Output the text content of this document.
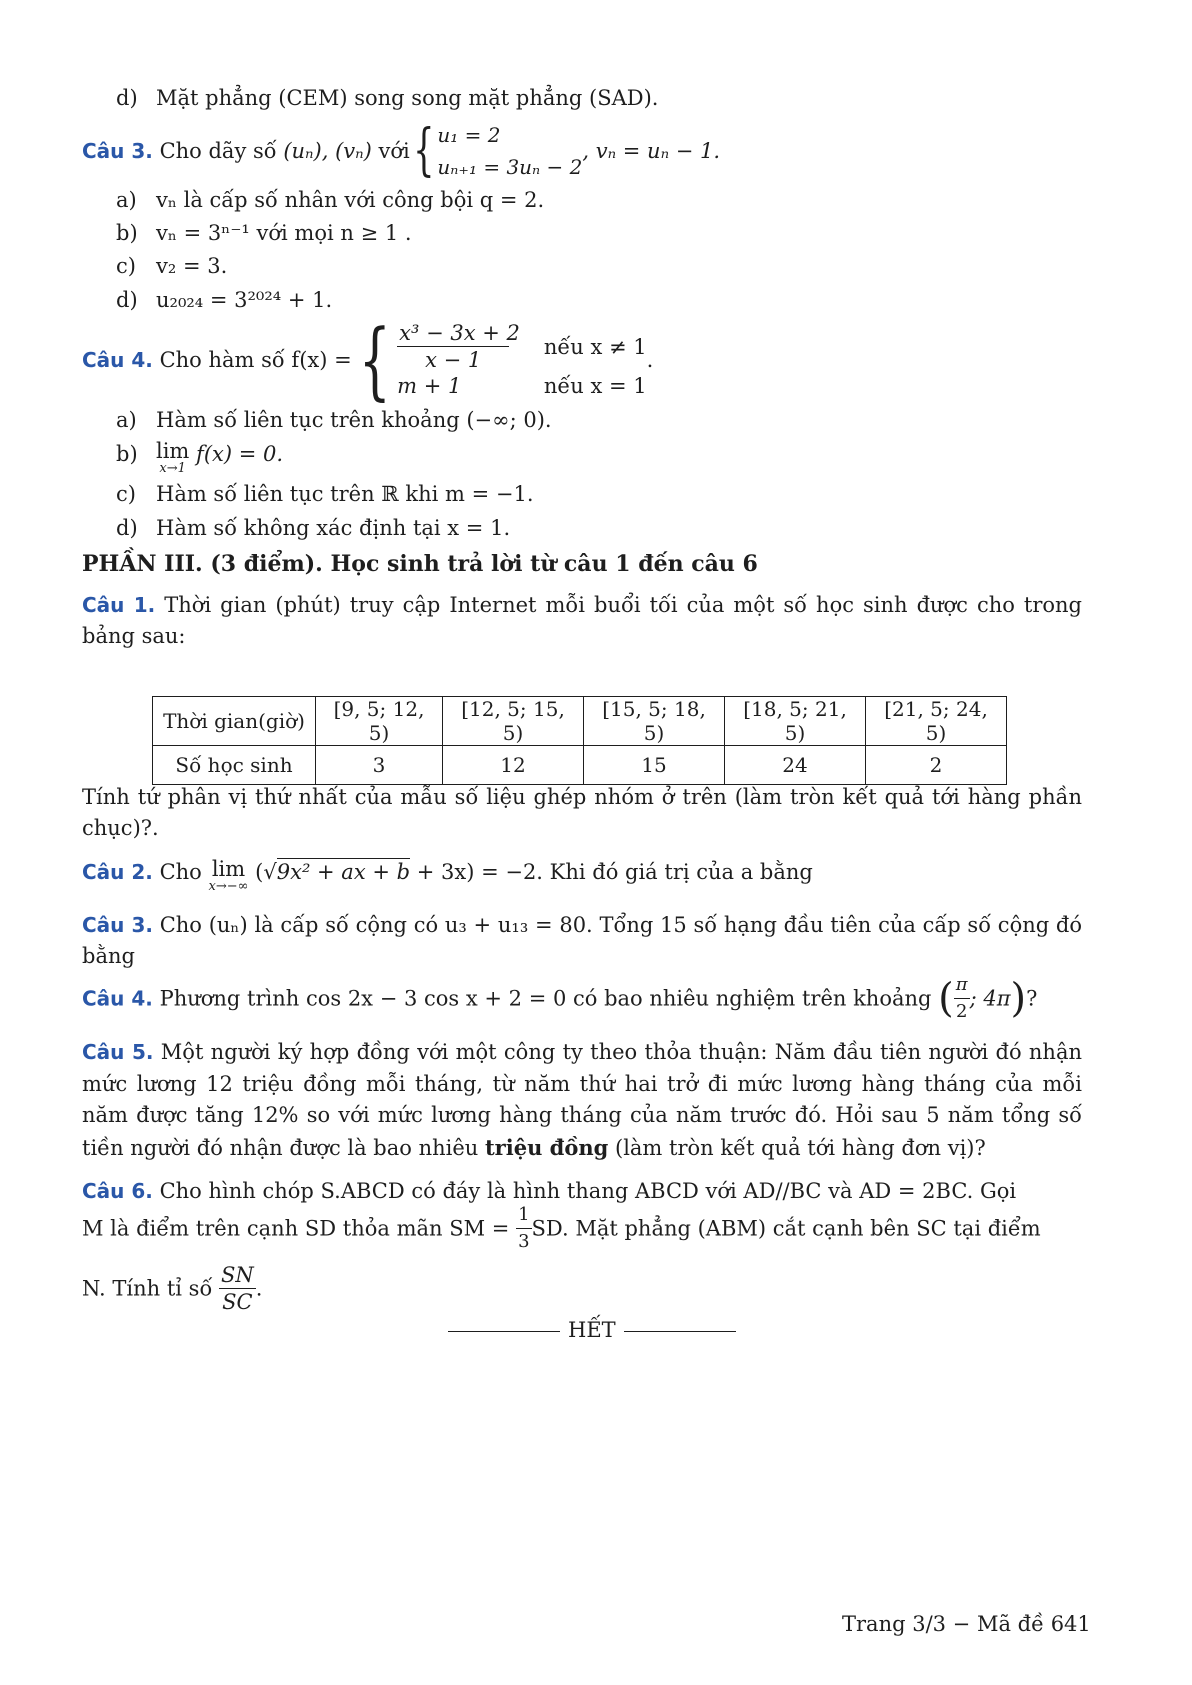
d) Mặt phẳng (CEM) song song mặt phẳng (SAD).
Câu 3. Cho dãy số (uₙ), (vₙ) với{ u₁ = 2
uₙ₊₁ = 3uₙ − 2
, vₙ = uₙ − 1.
a) vₙ là cấp số nhân với công bội q = 2.
b) vₙ = 3ⁿ⁻¹ với mọi n ≥ 1 .
c) v₂ = 3.
d) u₂₀₂₄ = 3²⁰²⁴ + 1.
Câu 4. Cho hàm số f(x) ={ $\frac{\text{x³ − 3x + 2}}{x - 1}$ nếu x ≠ 1
m + 1	nếu x = 1
.
a) Hàm số liên tục trên khoảng (−∞; 0).
b) lim
x→1
f(x) = 0.
c) Hàm số liên tục trên ℝ khi m = −1.
d) Hàm số không xác định tại x = 1.
PHẦN III. (3 điểm). Học sinh trả lời từ câu 1 đến câu 6
Câu 1. Thời gian (phút) truy cập Internet mỗi buổi tối của một số học sinh được cho trong bảng sau:
Thời gian(giờ)	[9, 5; 12, 5)	[12, 5; 15, 5)	[15, 5; 18, 5)	[18, 5; 21, 5)	[21, 5; 24, 5)
Số học sinh	3	12	15	24	2
Tính tứ phân vị thứ nhất của mẫu số liệu ghép nhóm ở trên (làm tròn kết quả tới hàng phần chục)?.
Câu 2. Cho lim
x→−∞
(√9x² + ax + b + 3x) = −2. Khi đó giá trị của a bằng
Câu 3. Cho (uₙ) là cấp số cộng có u₃ + u₁₃ = 80. Tổng 15 số hạng đầu tiên của cấp số cộng đó bằng
Câu 4. Phương trình cos 2x − 3 cos x + 2 = 0 có bao nhiêu nghiệm trên khoảng ( $\frac{\pi}{2}$ ; 4π)?
Câu 5. Một người ký hợp đồng với một công ty theo thỏa thuận: Năm đầu tiên người đó nhận mức lương 12 triệu đồng mỗi tháng, từ năm thứ hai trở đi mức lương hàng tháng của mỗi năm được tăng 12% so với mức lương hàng tháng của năm trước đó. Hỏi sau 5 năm tổng số tiền người đó nhận được là bao nhiêu triệu đồng (làm tròn kết quả tới hàng đơn vị)?
Câu 6. Cho hình chóp S.ABCD có đáy là hình thang ABCD với AD//BC và AD = 2BC. Gọi
M là điểm trên cạnh SD thỏa mãn SM = $\frac{1}{3}$ SD. Mặt phẳng (ABM) cắt cạnh bên SC tại điểm
N. Tính tỉ số $\frac{SN}{SC}$ .
HẾT
Trang 3/3 − Mã đề 641
